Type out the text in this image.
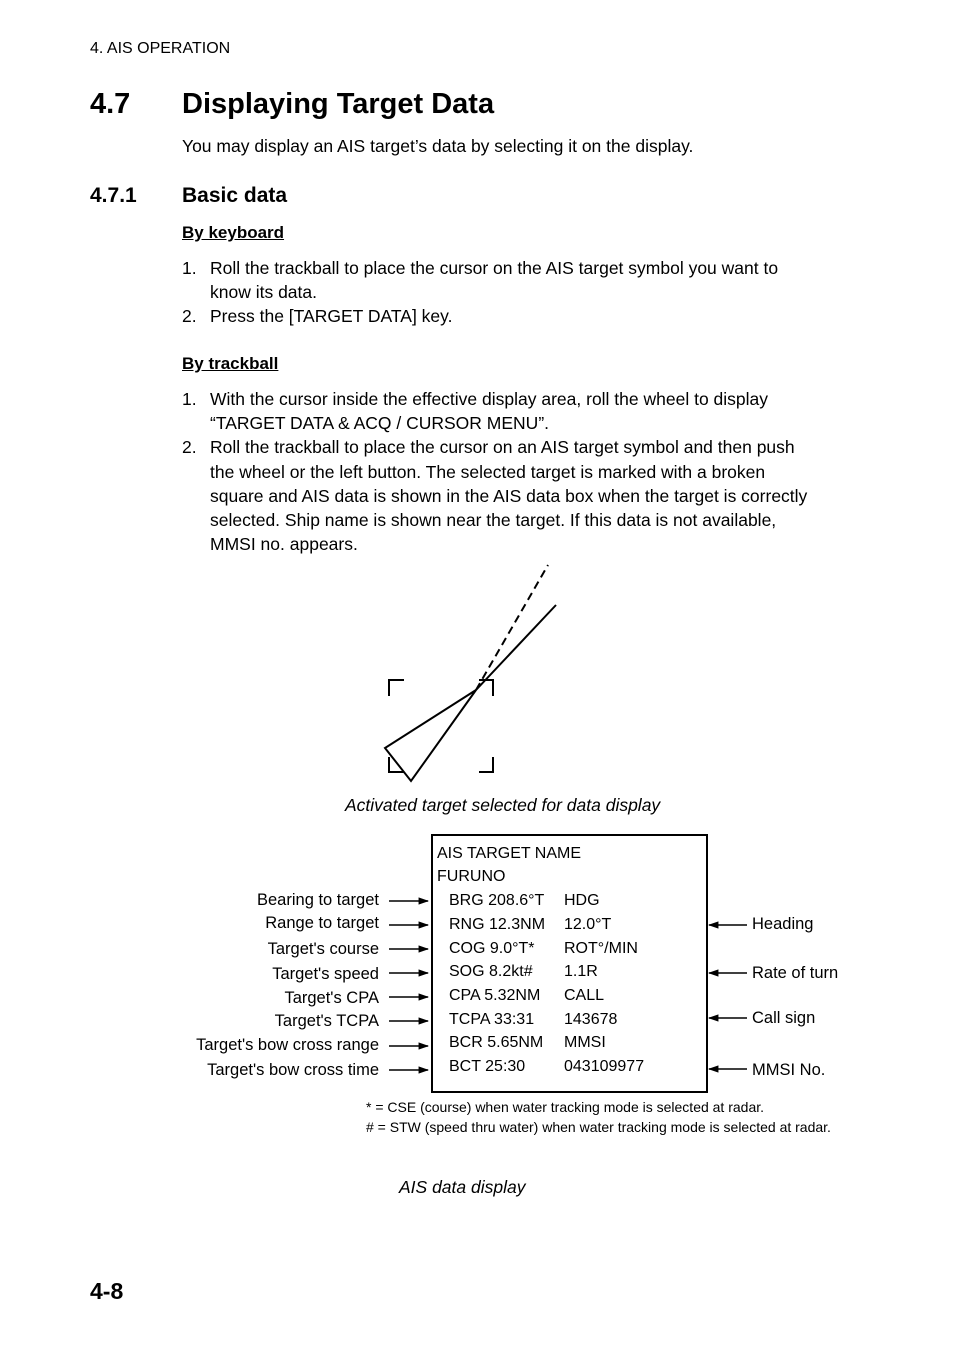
4. AIS OPERATION
4.7 Displaying Target Data
You may display an AIS target’s data by selecting it on the display.
4.7.1 Basic data
By keyboard
1. Roll the trackball to place the cursor on the AIS target symbol you want to
know its data.
2. Press the [TARGET DATA] key.
By trackball
1. With the cursor inside the effective display area, roll the wheel to display
“TARGET DATA & ACQ / CURSOR MENU”.
2. Roll the trackball to place the cursor on an AIS target symbol and then push
the wheel or the left button. The selected target is marked with a broken
square and AIS data is shown in the AIS data box when the target is correctly
selected. Ship name is shown near the target. If this data is not available,
MMSI no. appears.
Activated target selected for data display
AIS TARGET NAME
FURUNO
BRG 208.6°T HDG
RNG 12.3NM 12.0°T
COG 9.0°T* ROT°/MIN
SOG 8.2kt# 1.1R
CPA 5.32NM CALL
TCPA 33:31 143678
BCR 5.65NM MMSI
BCT 25:30 043109977
Bearing to target
Range to target
Target's course
Target's speed
Target's CPA
Target's TCPA
Target's bow cross range
Target's bow cross time
Heading
Rate of turn
Call sign
MMSI No.
* = CSE (course) when water tracking mode is selected at radar.
# = STW (speed thru water) when water tracking mode is selected at radar.
AIS data display
4-8
